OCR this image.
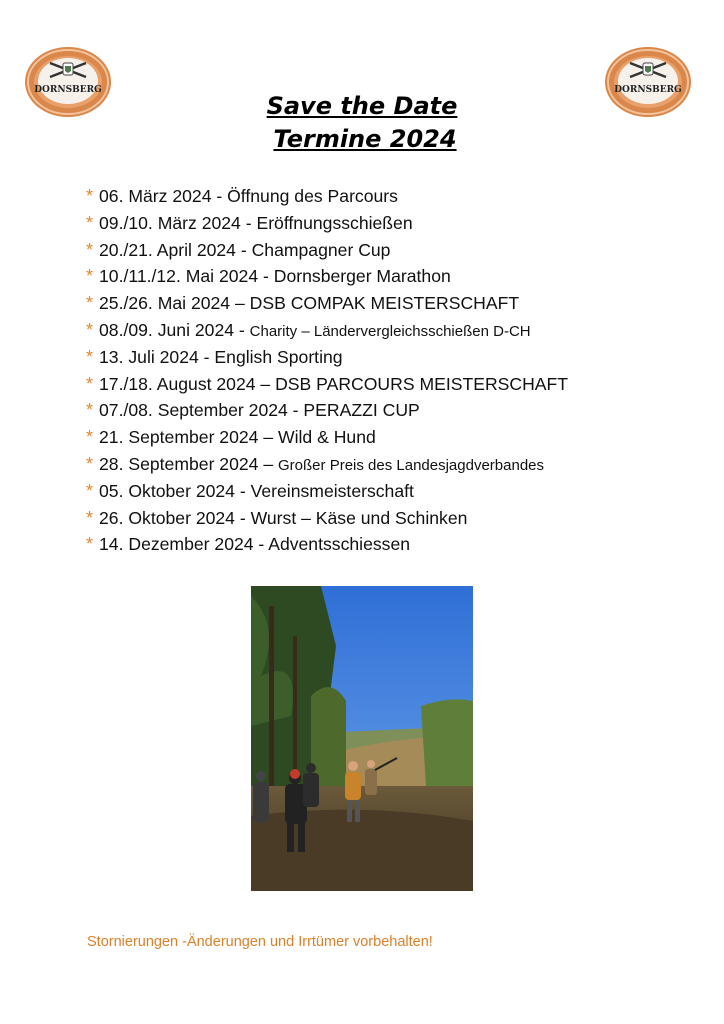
DORNSBERG	DORNSBERG
Save the Date
Termine 2024
* 06. März 2024 - Öffnung des Parcours
* 09./10. März 2024 - Eröffnungsschießen
* 20./21. April 2024 - Champagner Cup
* 10./11./12. Mai 2024 - Dornsberger Marathon
* 25./26. Mai 2024 – DSB COMPAK MEISTERSCHAFT
* 08./09. Juni 2024 - Charity – Ländervergleichsschießen D-CH
* 13. Juli 2024 - English Sporting
* 17./18. August 2024 – DSB PARCOURS MEISTERSCHAFT
* 07./08. September 2024 - PERAZZI CUP
* 21. September 2024 – Wild & Hund
* 28. September 2024 – Großer Preis des Landesjagdverbandes
* 05. Oktober 2024 - Vereinsmeisterschaft
* 26. Oktober 2024 - Wurst – Käse und Schinken
* 14. Dezember 2024 - Adventsschiessen
Stornierungen -Änderungen und Irrtümer vorbehalten!
